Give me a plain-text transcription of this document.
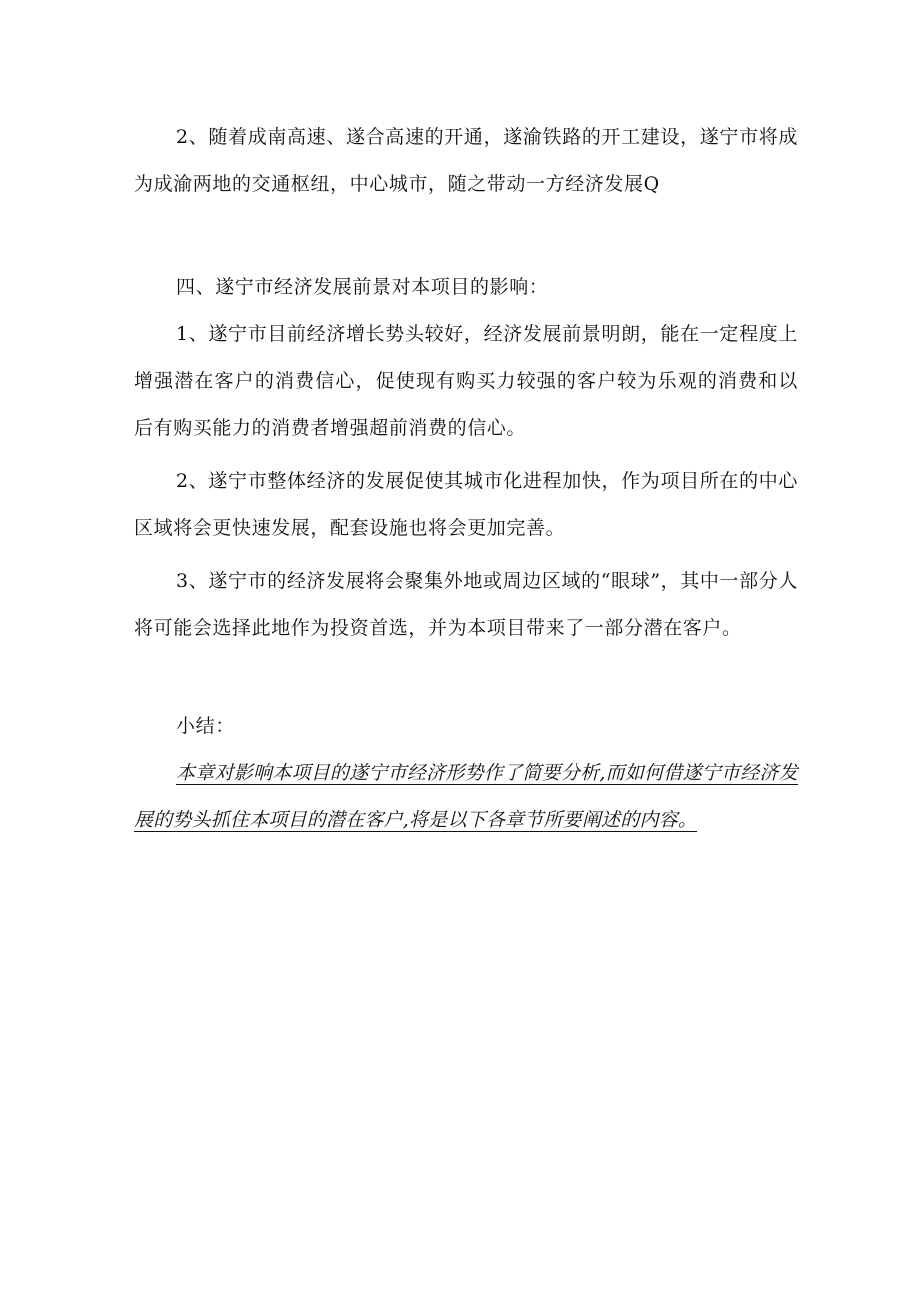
2、随着成南高速、遂合高速的开通，遂渝铁路的开工建设，遂宁市将成为成渝两地的交通枢纽，中心城市，随之带动一方经济发展Q

四、遂宁市经济发展前景对本项目的影响：

1、遂宁市目前经济增长势头较好，经济发展前景明朗，能在一定程度上增强潜在客户的消费信心，促使现有购买力较强的客户较为乐观的消费和以后有购买能力的消费者增强超前消费的信心。

2、遂宁市整体经济的发展促使其城市化进程加快，作为项目所在的中心区域将会更快速发展，配套设施也将会更加完善。

3、遂宁市的经济发展将会聚集外地或周边区域的“眼球”，其中一部分人将可能会选择此地作为投资首选，并为本项目带来了一部分潜在客户。

小结：

本章对影响本项目的遂宁市经济形势作了简要分析,而如何借遂宁市经济发展的势头抓住本项目的潜在客户,将是以下各章节所要阐述的内容。
